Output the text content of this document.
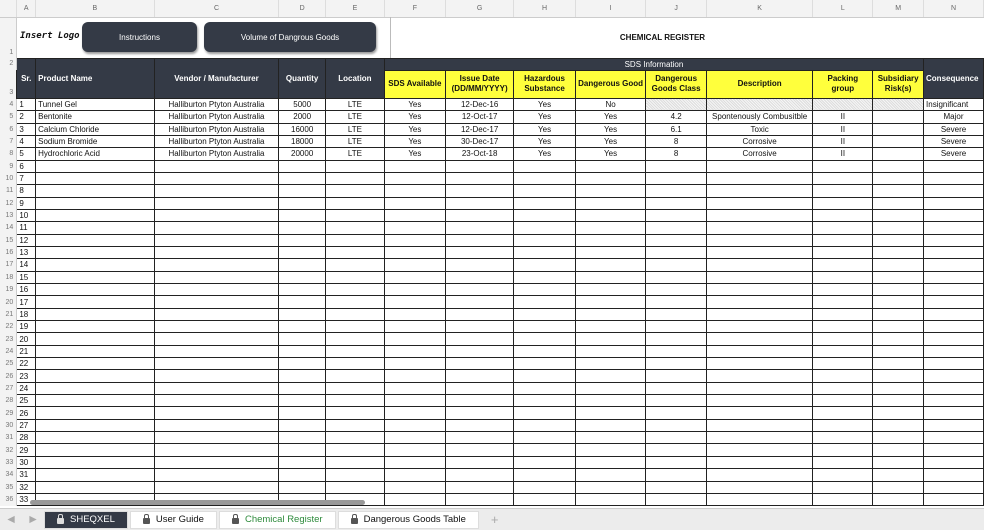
	A	B	C	D	E	F	G	H	I	J	K	L	M	N
1														
2	Sr.	Product Name	Vendor / Manufacturer	Quantity	Location	SDS Information								Consequence
3						SDS Available	Issue Date (DD/MM/YYYY)	Hazardous Substance	Dangerous Good	Dangerous Goods Class	Description	Packing group	Subsidiary Risk(s)	
4	1	Tunnel Gel	Halliburton Ptyton Australia	5000	LTE	Yes	12-Dec-16	Yes	No					Insignificant
5	2	Bentonite	Halliburton Ptyton Australia	2000	LTE	Yes	12-Oct-17	Yes	Yes	4.2	Spontenously Combusitble	II		Major
6	3	Calcium Chloride	Halliburton Ptyton Australia	16000	LTE	Yes	12-Dec-17	Yes	Yes	6.1	Toxic	II		Severe
7	4	Sodium Bromide	Halliburton Ptyton Australia	18000	LTE	Yes	30-Dec-17	Yes	Yes	8	Corrosive	II		Severe
8	5	Hydrochloric Acid	Halliburton Ptyton Australia	20000	LTE	Yes	23-Oct-18	Yes	Yes	8	Corrosive	II		Severe
9	6													
10	7													
11	8													
12	9													
13	10													
14	11													
15	12													
16	13													
17	14													
18	15													
19	16													
20	17													
21	18													
22	19													
23	20													
24	21													
25	22													
26	23													
27	24													
28	25													
29	26													
30	27													
31	28													
32	29													
33	30													
34	31													
35	32													
36	33													
Insert Logo	Instructions	Volume of Dangrous Goods	CHEMICAL REGISTER
◀	▶	SHEQXEL	User Guide	Chemical Register	Dangerous Goods Table	+
